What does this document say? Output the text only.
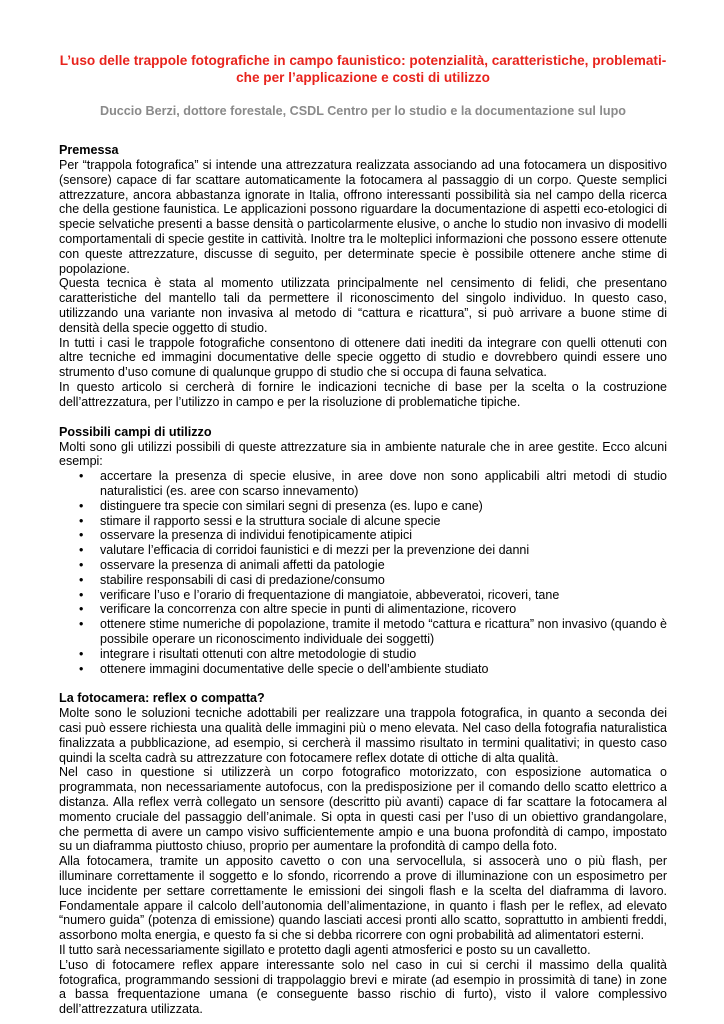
L’uso delle trappole fotografiche in campo faunistico: potenzialità, caratteristiche, problemati-che per l’applicazione e costi di utilizzo

Duccio Berzi, dottore forestale, CSDL Centro per lo studio e la documentazione sul lupo

Premessa

Per “trappola fotografica” si intende una attrezzatura realizzata associando ad una fotocamera un dispositivo (sensore) capace di far scattare automaticamente la fotocamera al passaggio di un corpo. Queste semplici attrezzature, ancora abbastanza ignorate in Italia, offrono interessanti possibilità sia nel campo della ricerca che della gestione faunistica. Le applicazioni possono riguardare la documentazione di aspetti eco-etologici di specie selvatiche presenti a basse densità o particolarmente elusive, o anche lo studio non invasivo di modelli comportamentali di specie gestite in cattività. Inoltre tra le molteplici informazioni che possono essere ottenute con queste attrezzature, discusse di seguito, per determinate specie è possibile ottenere anche stime di popolazione.

Questa tecnica è stata al momento utilizzata principalmente nel censimento di felidi, che presentano caratteristiche del mantello tali da permettere il riconoscimento del singolo individuo. In questo caso, utilizzando una variante non invasiva al metodo di “cattura e ricattura”, si può arrivare a buone stime di densità della specie oggetto di studio.

In tutti i casi le trappole fotografiche consentono di ottenere dati inediti da integrare con quelli ottenuti con altre tecniche ed immagini documentative delle specie oggetto di studio e dovrebbero quindi essere uno strumento d’uso comune di qualunque gruppo di studio che si occupa di fauna selvatica.

In questo articolo si cercherà di fornire le indicazioni tecniche di base per la scelta o la costruzione dell’attrezzatura, per l’utilizzo in campo e per la risoluzione di problematiche tipiche.

Possibili campi di utilizzo

Molti sono gli utilizzi possibili di queste attrezzature sia in ambiente naturale che in aree gestite. Ecco alcuni esempi:

• accertare la presenza di specie elusive, in aree dove non sono applicabili altri metodi di studio naturalistici (es. aree con scarso innevamento)
• distinguere tra specie con similari segni di presenza (es. lupo e cane)
• stimare il rapporto sessi e la struttura sociale di alcune specie
• osservare la presenza di individui fenotipicamente atipici
• valutare l’efficacia di corridoi faunistici e di mezzi per la prevenzione dei danni
• osservare la presenza di animali affetti da patologie
• stabilire responsabili di casi di predazione/consumo
• verificare l’uso e l’orario di frequentazione di mangiatoie, abbeveratoi, ricoveri, tane
• verificare la concorrenza con altre specie in punti di alimentazione, ricovero
• ottenere stime numeriche di popolazione, tramite il metodo “cattura e ricattura” non invasivo (quando è possibile operare un riconoscimento individuale dei soggetti)
• integrare i risultati ottenuti con altre metodologie di studio
• ottenere immagini documentative delle specie o dell’ambiente studiato
La fotocamera: reflex o compatta?

Molte sono le soluzioni tecniche adottabili per realizzare una trappola fotografica, in quanto a seconda dei casi può essere richiesta una qualità delle immagini più o meno elevata. Nel caso della fotografia naturalistica finalizzata a pubblicazione, ad esempio, si cercherà il massimo risultato in termini qualitativi; in questo caso quindi la scelta cadrà su attrezzature con fotocamere reflex dotate di ottiche di alta qualità.

Nel caso in questione si utilizzerà un corpo fotografico motorizzato, con esposizione automatica o programmata, non necessariamente autofocus, con la predisposizione per il comando dello scatto elettrico a distanza. Alla reflex verrà collegato un sensore (descritto più avanti) capace di far scattare la fotocamera al momento cruciale del passaggio dell’animale. Si opta in questi casi per l’uso di un obiettivo grandangolare, che permetta di avere un campo visivo sufficientemente ampio e una buona profondità di campo, impostato su un diaframma piuttosto chiuso, proprio per aumentare la profondità di campo della foto.

Alla fotocamera, tramite un apposito cavetto o con una servocellula, si assocerà uno o più flash, per illuminare correttamente il soggetto e lo sfondo, ricorrendo a prove di illuminazione con un esposimetro per luce incidente per settare correttamente le emissioni dei singoli flash e la scelta del diaframma di lavoro. Fondamentale appare il calcolo dell’autonomia dell’alimentazione, in quanto i flash per le reflex, ad elevato “numero guida” (potenza di emissione) quando lasciati accesi pronti allo scatto, soprattutto in ambienti freddi, assorbono molta energia, e questo fa si che si debba ricorrere con ogni probabilità ad alimentatori esterni.

Il tutto sarà necessariamente sigillato e protetto dagli agenti atmosferici e posto su un cavalletto.

L’uso di fotocamere reflex appare interessante solo nel caso in cui si cerchi il massimo della qualità fotografica, programmando sessioni di trappolaggio brevi e mirate (ad esempio in prossimità di tane) in zone a bassa frequentazione umana (e conseguente basso rischio di furto), visto il valore complessivo dell’attrezzatura utilizzata.
